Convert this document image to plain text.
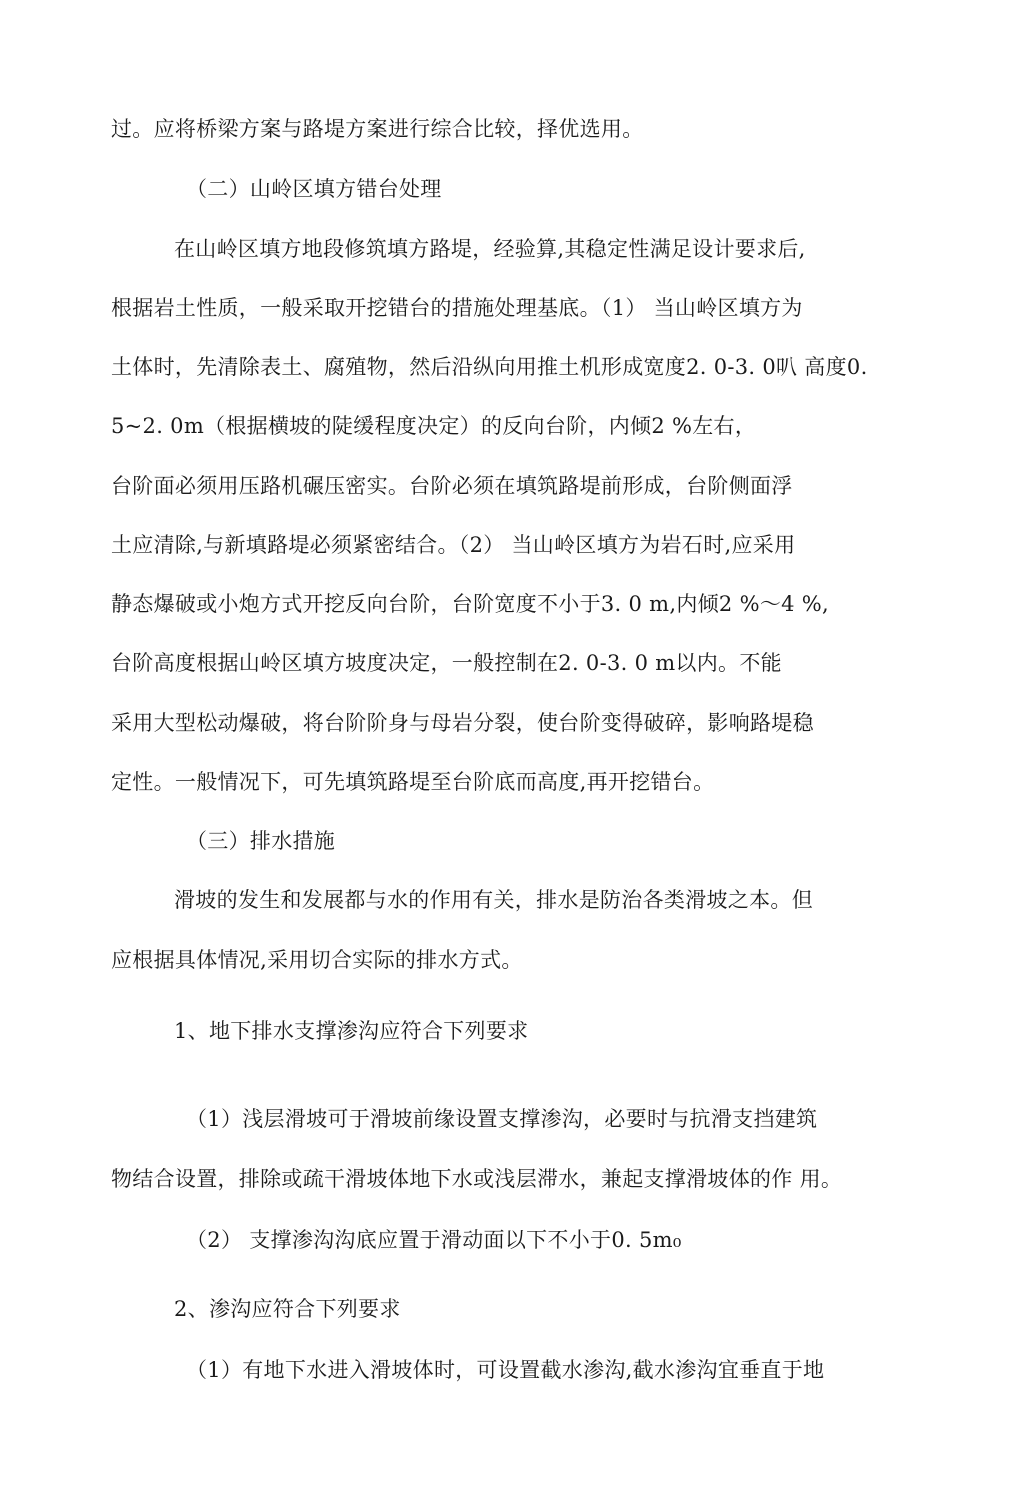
过。应将桥梁方案与路堤方案进行综合比较，择优选用。
（二）山岭区填方错台处理
在山岭区填方地段修筑填方路堤，经验算,其稳定性满足设计要求后,
根据岩土性质，一般采取开挖错台的措施处理基底。（1） 当山岭区填方为
土体时，先清除表土、腐殖物，然后沿纵向用推土机形成宽度2. 0-3. 0叭 高度0.
5~2. 0m（根据横坡的陡缓程度决定）的反向台阶，内倾2 %左右，
台阶面必须用压路机碾压密实。台阶必须在填筑路堤前形成，台阶侧面浮
土应清除,与新填路堤必须紧密结合。（2） 当山岭区填方为岩石时,应采用
静态爆破或小炮方式开挖反向台阶，台阶宽度不小于3. 0 m,内倾2 %～4 %,
台阶高度根据山岭区填方坡度决定，一般控制在2. 0-3. 0 m以内。不能
采用大型松动爆破，将台阶阶身与母岩分裂，使台阶变得破碎，影响路堤稳
定性。一般情况下，可先填筑路堤至台阶底而高度,再开挖错台。
（三）排水措施
滑坡的发生和发展都与水的作用有关，排水是防治各类滑坡之本。但
应根据具体情况,采用切合实际的排水方式。
1、地下排水支撑渗沟应符合下列要求
（1）浅层滑坡可于滑坡前缘设置支撑渗沟，必要时与抗滑支挡建筑
物结合设置，排除或疏干滑坡体地下水或浅层滞水，兼起支撑滑坡体的作 用。
（2） 支撑渗沟沟底应置于滑动面以下不小于0. 5m₀
2、渗沟应符合下列要求
（1）有地下水进入滑坡体时，可设置截水渗沟,截水渗沟宜垂直于地
